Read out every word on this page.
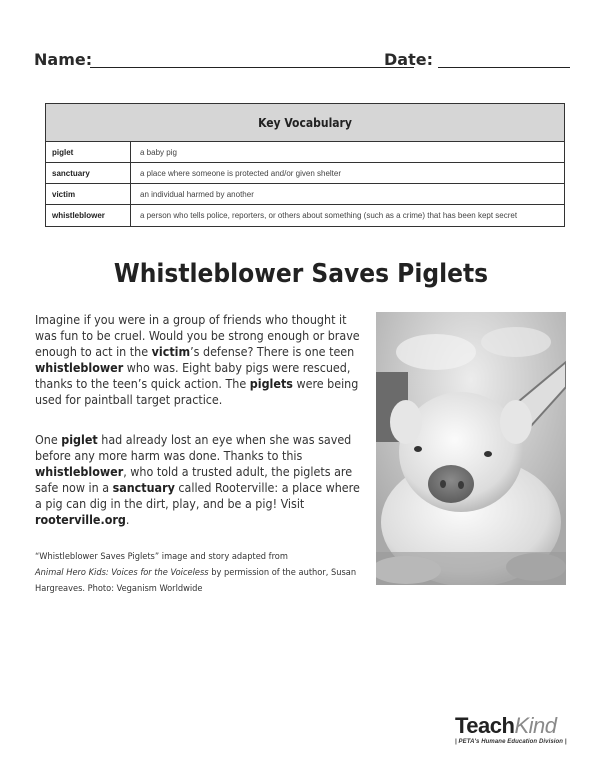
Name:	Date:
Key Vocabulary
piglet	a baby pig
sanctuary	a place where someone is protected and/or given shelter
victim	an individual harmed by another
whistleblower	a person who tells police, reporters, or others about something (such as a crime) that has been kept secret
Whistleblower Saves Piglets
Imagine if you were in a group of friends who thought it was fun to be cruel. Would you be strong enough or brave enough to act in the victim’s defense? There is one teen whistleblower who was. Eight baby pigs were rescued, thanks to the teen’s quick action. The piglets were being used for paintball target practice.
One piglet had already lost an eye when she was saved before any more harm was done. Thanks to this whistleblower, who told a trusted adult, the piglets are safe now in a sanctuary called Rooterville: a place where a pig can dig in the dirt, play, and be a pig! Visit rooterville.org.
“Whistleblower Saves Piglets” image and story adapted from
Animal Hero Kids: Voices for the Voiceless by permission of the author, Susan Hargreaves. Photo: Veganism Worldwide
TeachKind
| PETA's Humane Education Division |
